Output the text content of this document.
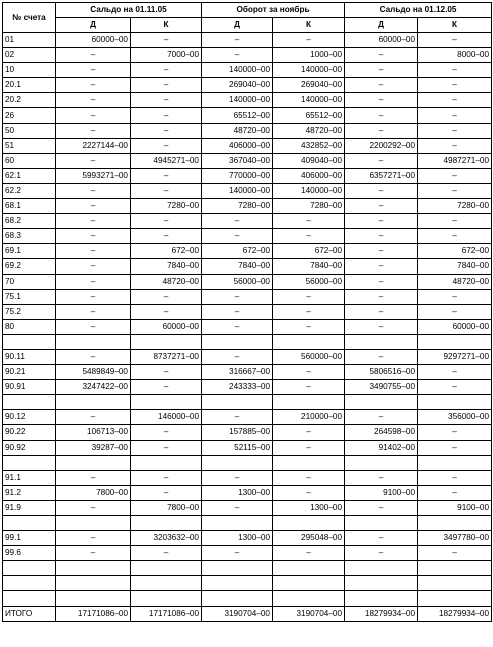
№ счета	Сальдо на 01.11.05		Оборот за ноябрь		Сальдо на 01.12.05	
	Д	К	Д	К	Д	К
01	60000–00	–	–	–	60000–00	–
02	–	7000–00	–	1000–00	–	8000–00
10	–	–	140000–00	140000–00	–	–
20.1	–	–	269040–00	269040–00	–	–
20.2	–	–	140000–00	140000–00	–	–
26	–	–	65512–00	65512–00	–	–
50	–	–	48720–00	48720–00	–	–
51	2227144–00	–	406000–00	432852–00	2200292–00	–
60	–	4945271–00	367040–00	409040–00	–	4987271–00
62.1	5993271–00	–	770000–00	406000–00	6357271–00	–
62.2	–	–	140000–00	140000–00	–	–
68.1	–	7280–00	7280–00	7280–00	–	7280–00
68.2	–	–	–	–	–	–
68.3	–	–	–	–	–	–
69.1	–	672–00	672–00	672–00	–	672–00
69.2	–	7840–00	7840–00	7840–00	–	7840–00
70	–	48720–00	56000–00	56000–00	–	48720–00
75.1	–	–	–	–	–	–
75.2	–	–	–	–	–	–
80	–	60000–00	–	–	–	60000–00

90.11	–	8737271–00	–	560000–00	–	9297271–00
90.21	5489849–00	–	316667–00	–	5806516–00	–
90.91	3247422–00	–	243333–00	–	3490755–00	–

90.12	–	146000–00	–	210000–00	–	356000–00
90.22	106713–00	–	157885–00	–	264598–00	–
90.92	39287–00	–	52115–00	–	91402–00	–

91.1	–	–	–	–	–	–
91.2	7800–00	–	1300–00	–	9100–00	–
91.9	–	7800–00	–	1300–00	–	9100–00

99.1	–	3203632–00	1300–00	295048–00	–	3497780–00
99.6	–	–	–	–	–	–

ИТОГО	17171086–00	17171086–00	3190704–00	3190704–00	18279934–00	18279934–00
